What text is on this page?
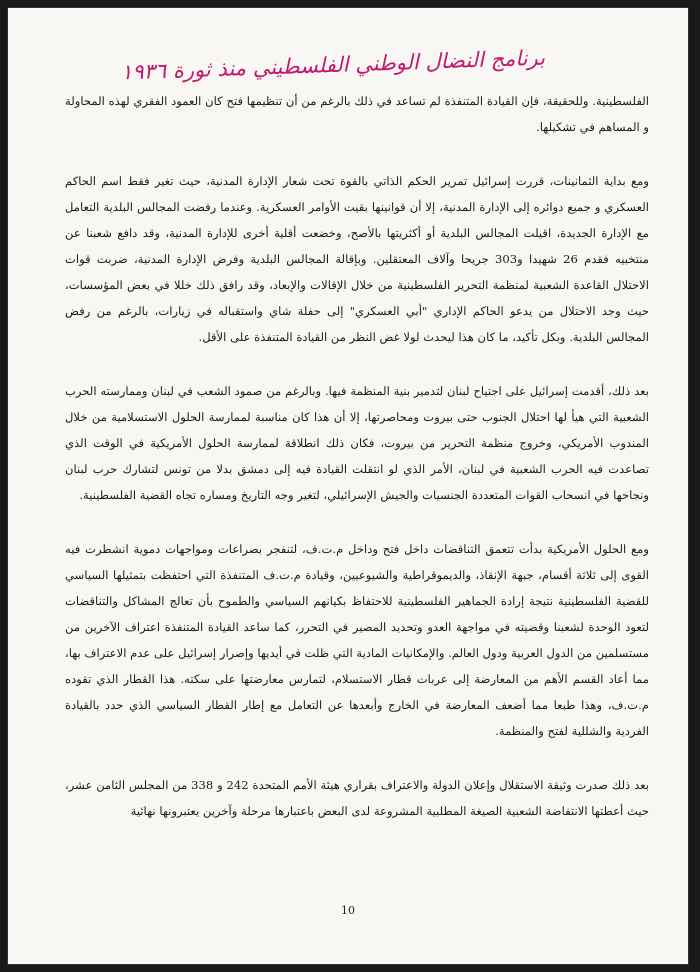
برنامج النضال الوطني الفلسطيني منذ ثورة ١٩٣٦

الفلسطينية. وللحقيقة، فإن القيادة المتنفذة لم تساعد في ذلك بالرغم من أن تنظيمها فتح كان العمود الفقري لهذه المحاولة و المساهم في تشكيلها.

ومع بداية الثمانينات، قررت إسرائيل تمرير الحكم الذاتي بالقوة تحت شعار الإدارة المدنية، حيث تغير فقط اسم الحاكم العسكري و جميع دوائره إلى الإدارة المدنية، إلا أن قوانينها بقيت الأوامر العسكرية. وعندما رفضت المجالس البلدية التعامل مع الإدارة الجديدة، اقيلت المجالس البلدية أو أكثريتها بالأصح، وخضعت أقلية أخرى للإدارة المدنية، وقد دافع شعبنا عن منتخبيه فقدم 26 شهيدا و303 جريحا وآلاف المعتقلين. وبإقالة المجالس البلدية وفرض الإدارة المدنية، ضربت قوات الاحتلال القاعدة الشعبية لمنظمة التحرير الفلسطينية من خلال الإقالات والإبعاد، وقد رافق ذلك خللا في بعض المؤسسات، حيث وجد الاحتلال من يدعو الحاكم الإداري "أبي العسكري" إلى حفلة شاي واستقباله في زيارات، بالرغم من رفض المجالس البلدية. وبكل تأكيد، ما كان هذا ليحدث لولا غض النظر من القيادة المتنفذة على الأقل.

بعد ذلك، أقدمت إسرائيل على اجتياح لبنان لتدمير بنية المنظمة فيها. وبالرغم من صمود الشعب في لبنان وممارسته الحرب الشعبية التي هيأ لها احتلال الجنوب حتى بيروت ومحاصرتها، إلا أن هذا كان مناسبة لممارسة الحلول الاستسلامية من خلال المندوب الأمريكي، وخروج منظمة التحرير من بيروت، فكان ذلك انطلاقة لممارسة الحلول الأمريكية في الوقت الذي تصاعدت فيه الحرب الشعبية في لبنان، الأمر الذي لو انتقلت القيادة فيه إلى دمشق بدلا من تونس لتشارك حرب لبنان ونجاحها في انسحاب القوات المتعددة الجنسيات والجيش الإسرائيلي، لتغير وجه التاريخ ومساره تجاه القضية الفلسطينية.

ومع الحلول الأمريكية بدأت تتعمق التناقضات داخل فتح وداخل م.ت.ف، لتنفجر بصراعات ومواجهات دموية انشطرت فيه القوى إلى ثلاثة أقسام، جبهة الإنقاذ، والديموقراطية والشيوعيين، وقيادة م.ت.ف المتنفذة التي احتفظت بتمثيلها السياسي للقضية الفلسطينية نتيجة إرادة الجماهير الفلسطينية للاحتفاظ بكيانهم السياسي والطموح بأن تعالج المشاكل والتناقضات لتعود الوحدة لشعبنا وقضيته في مواجهة العدو وتحديد المصير في التحرر، كما ساعد القيادة المتنفذة اعتراف الآخرين من مستسلمين من الدول العربية ودول العالم. والإمكانيات المادية التي ظلت في أيديها وإصرار إسرائيل على عدم الاعتراف بها، مما أعاد القسم الأهم من المعارضة إلى عربات قطار الاستسلام، لتمارس معارضتها على سكته. هذا القطار الذي تقوده م.ت.ف، وهذا طبعا مما أضعف المعارضة في الخارج وأبعدها عن التعامل مع إطار القطار السياسي الذي حدد بالقيادة الفردية والشللية لفتح والمنظمة.

بعد ذلك صدرت وثيقة الاستقلال وإعلان الدولة والاعتراف بقراري هيئة الأمم المتحدة 242 و 338 من المجلس الثامن عشر، حيث أعطتها الانتفاضة الشعبية الصيغة المطلبية المشروعة لدى البعض باعتبارها مرحلة وآخرين يعتبرونها نهائية

10
